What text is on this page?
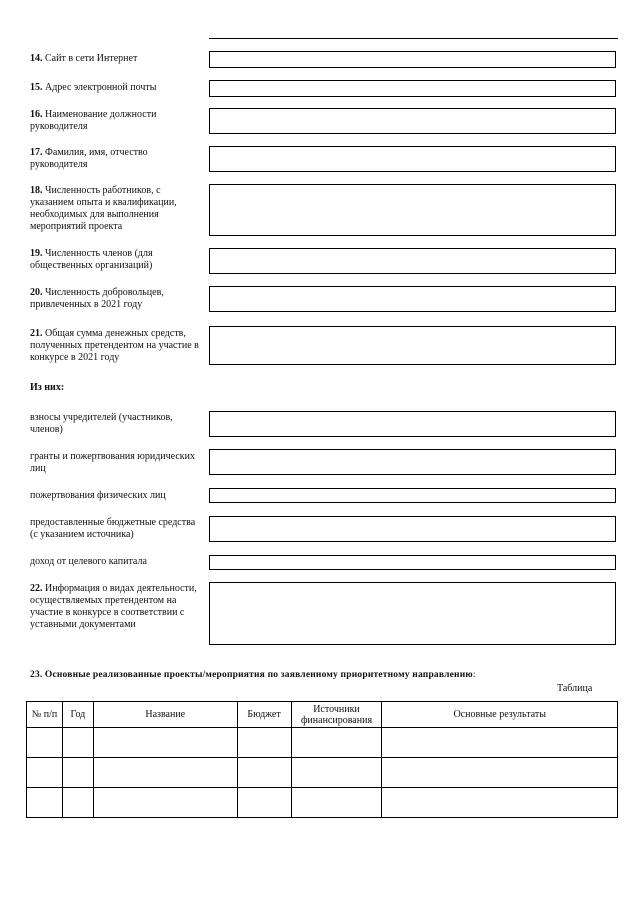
14. Сайт в сети Интернет
15. Адрес электронной почты
16. Наименование должности руководителя
17. Фамилия, имя, отчество руководителя
18. Численность работников, с указанием опыта и квалификации, необходимых для выполнения мероприятий проекта
19. Численность членов (для общественных организаций)
20. Численность добровольцев, привлеченных в 2021 году
21. Общая сумма денежных средств, полученных претендентом на участие в конкурсе в 2021 году
Из них:
взносы учредителей (участников, членов)
гранты и пожертвования юридических лиц
пожертвования физических лиц
предоставленные бюджетные средства (с указанием источника)
доход от целевого капитала
22. Информация о видах деятельности, осуществляемых претендентом на участие в конкурсе в соответствии с уставными документами
23. Основные реализованные проекты/мероприятия по заявленному приоритетному направлению:
Таблица
№ п/п	Год	Название	Бюджет	Источники финансирования	Основные результаты
